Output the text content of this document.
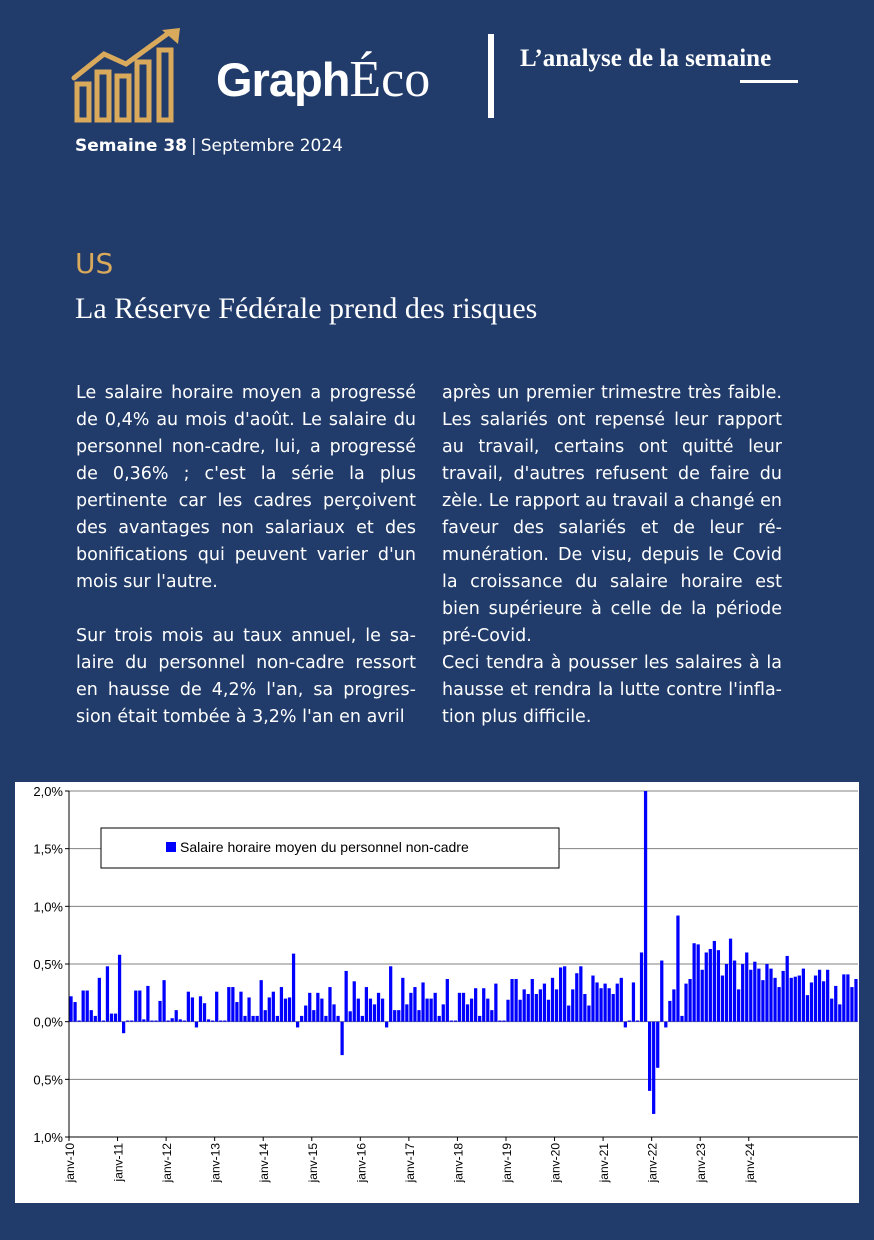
GraphÉco	L’analyse de la semaine
Semaine 38 | Septembre 2024
US
La Réserve Fédérale prend des risques

Le salaire horaire moyen a progressé de 0,4% au mois d'août. Le salaire du personnel non-cadre, lui, a progressé de 0,36% ; c'est la série la plus pertinente car les cadres perçoivent des avantages non salariaux et des bonifications qui peuvent varier d'un mois sur l'autre.

Sur trois mois au taux annuel, le salaire du personnel non-cadre ressort en hausse de 4,2% l'an, sa progression était tombée à 3,2% l'an en avril

après un premier trimestre très faible. Les salariés ont repensé leur rapport au travail, certains ont quitté leur travail, d'autres refusent de faire du zèle. Le rapport au travail a changé en faveur des salariés et de leur rémunération. De visu, depuis le Covid la croissance du salaire horaire est bien supérieure à celle de la période pré-Covid.

Ceci tendra à pousser les salaires à la hausse et rendra la lutte contre l'inflation plus difficile.

2,0%
1,5%
1,0%
0,5%
0,0%
0,5%
1,0%
janv-10	janv-11	janv-12	janv-13	janv-14	janv-15	janv-16	janv-17	janv-18	janv-19	janv-20	janv-21	janv-22	janv-23	janv-24
Salaire horaire moyen du personnel non-cadre
